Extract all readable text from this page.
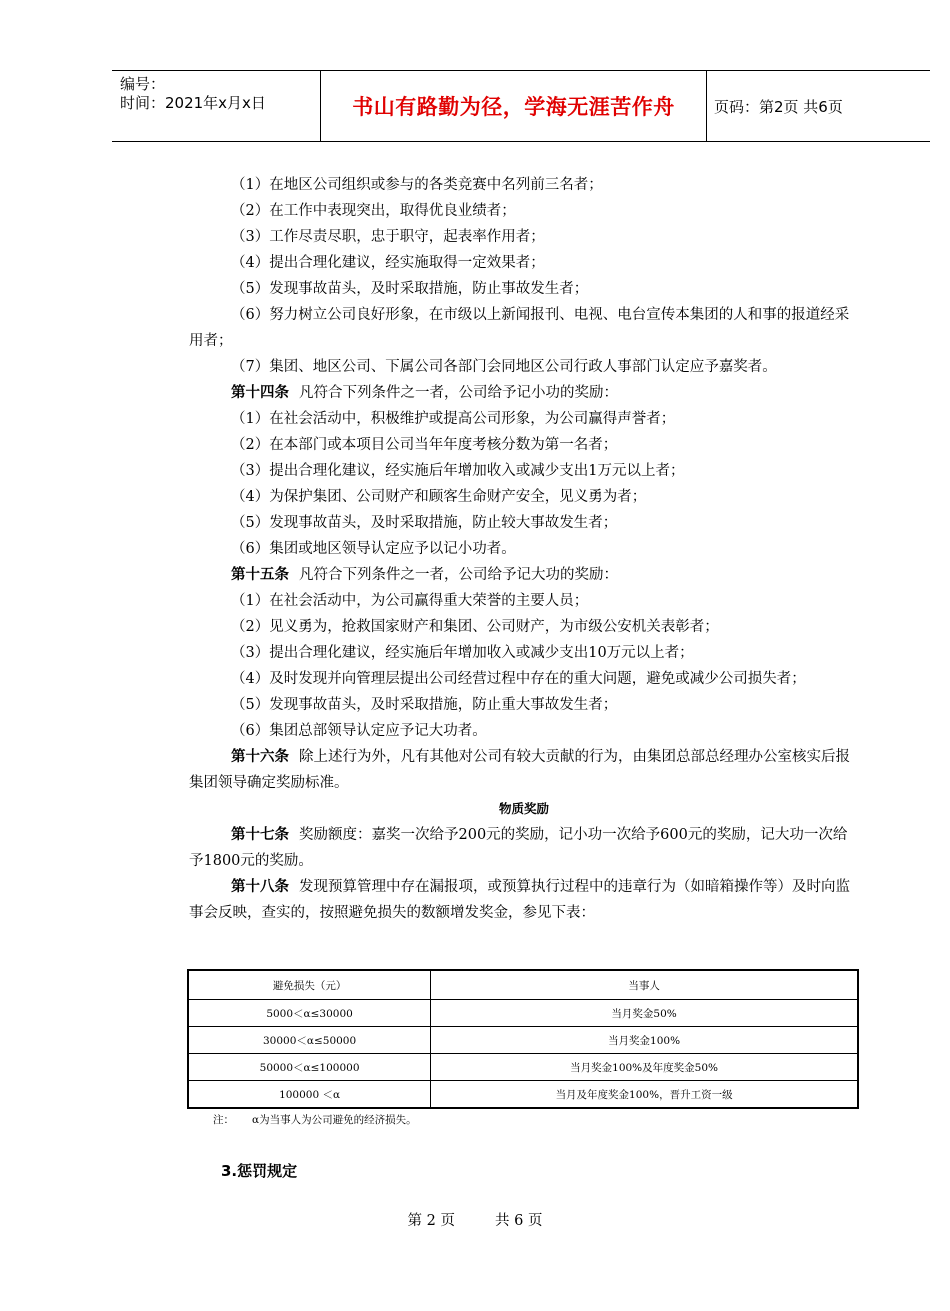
编号：
时间：2021年x月x日	书山有路勤为径，学海无涯苦作舟	页码：第2页 共6页

（1）在地区公司组织或参与的各类竞赛中名列前三名者；

（2）在工作中表现突出，取得优良业绩者；

（3）工作尽责尽职，忠于职守，起表率作用者；

（4）提出合理化建议，经实施取得一定效果者；

（5）发现事故苗头，及时采取措施，防止事故发生者；

（6）努力树立公司良好形象，在市级以上新闻报刊、电视、电台宣传本集团的人和事的报道经采用者；

（7）集团、地区公司、下属公司各部门会同地区公司行政人事部门认定应予嘉奖者。

第十四条 凡符合下列条件之一者，公司给予记小功的奖励：

（1）在社会活动中，积极维护或提高公司形象，为公司赢得声誉者；

（2）在本部门或本项目公司当年年度考核分数为第一名者；

（3）提出合理化建议，经实施后年增加收入或减少支出1万元以上者；

（4）为保护集团、公司财产和顾客生命财产安全，见义勇为者；

（5）发现事故苗头，及时采取措施，防止较大事故发生者；

（6）集团或地区领导认定应予以记小功者。

第十五条 凡符合下列条件之一者，公司给予记大功的奖励：

（1）在社会活动中，为公司赢得重大荣誉的主要人员；

（2）见义勇为，抢救国家财产和集团、公司财产，为市级公安机关表彰者；

（3）提出合理化建议，经实施后年增加收入或减少支出10万元以上者；

（4）及时发现并向管理层提出公司经营过程中存在的重大问题，避免或减少公司损失者；

（5）发现事故苗头，及时采取措施，防止重大事故发生者；

（6）集团总部领导认定应予记大功者。

第十六条 除上述行为外，凡有其他对公司有较大贡献的行为，由集团总部总经理办公室核实后报集团领导确定奖励标准。

物质奖励

第十七条 奖励额度：嘉奖一次给予200元的奖励，记小功一次给予600元的奖励，记大功一次给予1800元的奖励。

第十八条 发现预算管理中存在漏报项，或预算执行过程中的违章行为（如暗箱操作等）及时向监事会反映，查实的，按照避免损失的数额增发奖金，参见下表：

避免损失（元）	当事人
5000＜α≤30000	当月奖金50%
30000＜α≤50000	当月奖金100%
50000＜α≤100000	当月奖金100%及年度奖金50%
100000 ＜α	当月及年度奖金100%，晋升工资一级
注： α为当事人为公司避免的经济损失。
3.惩罚规定
第 2 页	共 6 页
